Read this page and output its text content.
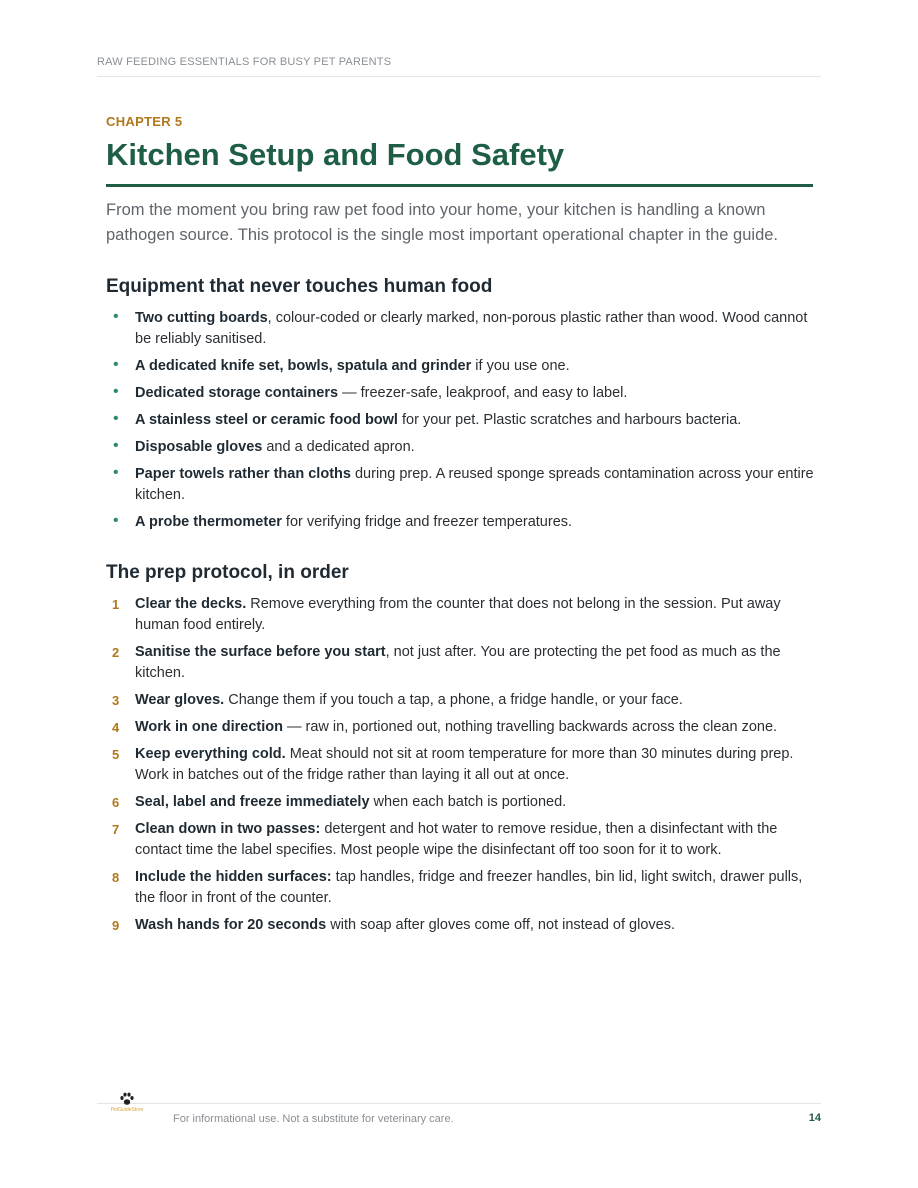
RAW FEEDING ESSENTIALS FOR BUSY PET PARENTS
CHAPTER 5
Kitchen Setup and Food Safety

From the moment you bring raw pet food into your home, your kitchen is handling a known pathogen source. This protocol is the single most important operational chapter in the guide.

Equipment that never touches human food
• Two cutting boards, colour-coded or clearly marked, non-porous plastic rather than wood. Wood cannot be reliably sanitised.
• A dedicated knife set, bowls, spatula and grinder if you use one.
• Dedicated storage containers — freezer-safe, leakproof, and easy to label.
• A stainless steel or ceramic food bowl for your pet. Plastic scratches and harbours bacteria.
• Disposable gloves and a dedicated apron.
• Paper towels rather than cloths during prep. A reused sponge spreads contamination across your entire kitchen.
• A probe thermometer for verifying fridge and freezer temperatures.
The prep protocol, in order
1 Clear the decks. Remove everything from the counter that does not belong in the session. Put away human food entirely.
2 Sanitise the surface before you start, not just after. You are protecting the pet food as much as the kitchen.
3 Wear gloves. Change them if you touch a tap, a phone, a fridge handle, or your face.
4 Work in one direction — raw in, portioned out, nothing travelling backwards across the clean zone.
5 Keep everything cold. Meat should not sit at room temperature for more than 30 minutes during prep. Work in batches out of the fridge rather than laying it all out at once.
6 Seal, label and freeze immediately when each batch is portioned.
7 Clean down in two passes: detergent and hot water to remove residue, then a disinfectant with the contact time the label specifies. Most people wipe the disinfectant off too soon for it to work.
8 Include the hidden surfaces: tap handles, fridge and freezer handles, bin lid, light switch, drawer pulls, the floor in front of the counter.
9 Wash hands for 20 seconds with soap after gloves come off, not instead of gloves.
PetGuideStore
For informational use. Not a substitute for veterinary care.	14
